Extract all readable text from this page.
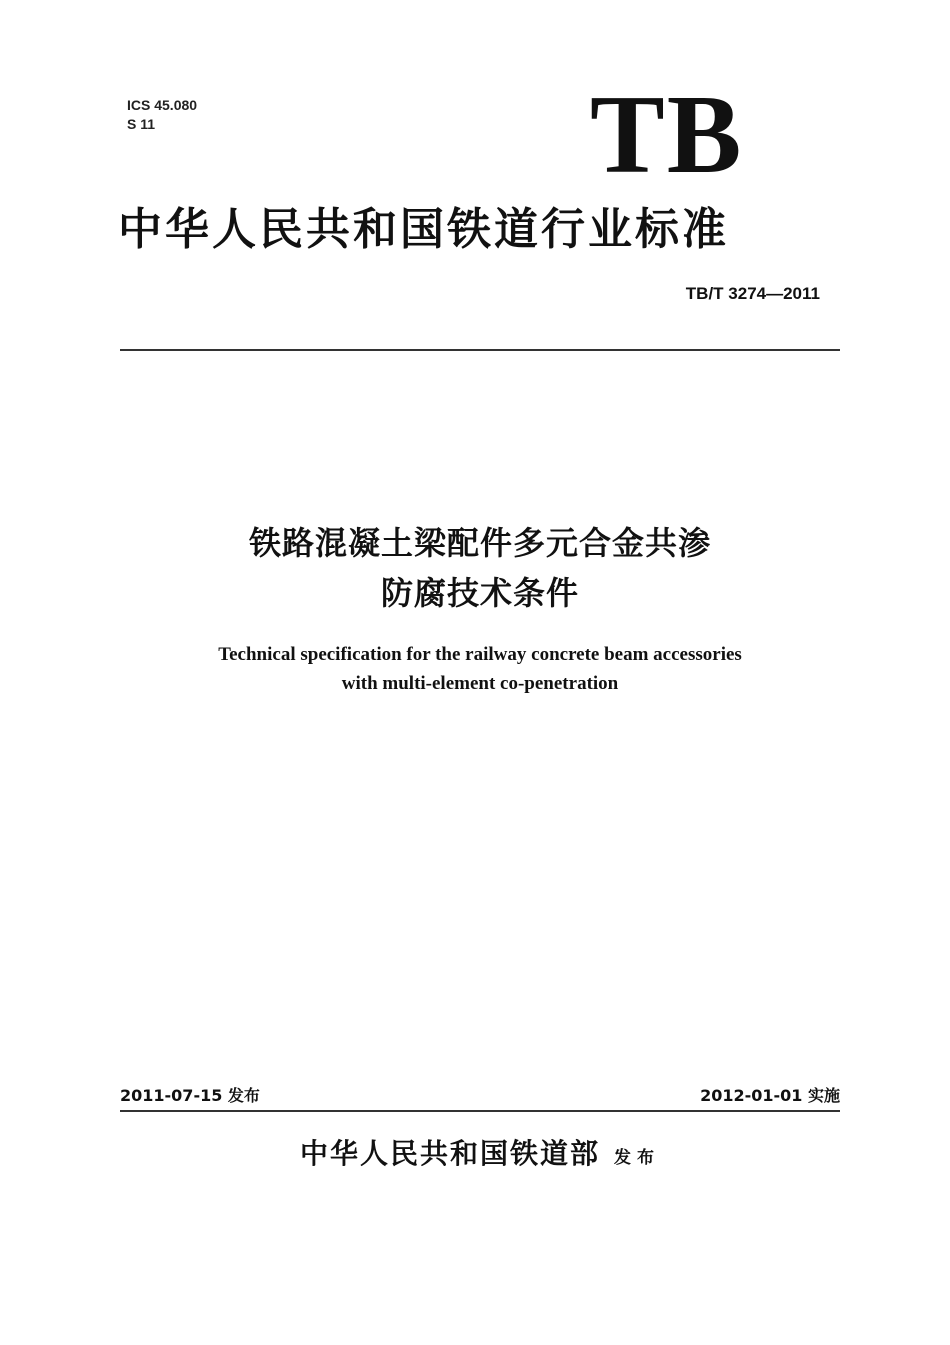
ICS 45.080
S 11	TB
中华人民共和国铁道行业标准
TB/T 3274—2011
铁路混凝土梁配件多元合金共渗
防腐技术条件
Technical specification for the railway concrete beam accessories
with multi-element co-penetration
2011-07-15 发布	2012-01-01 实施
中华人民共和国铁道部 发布
